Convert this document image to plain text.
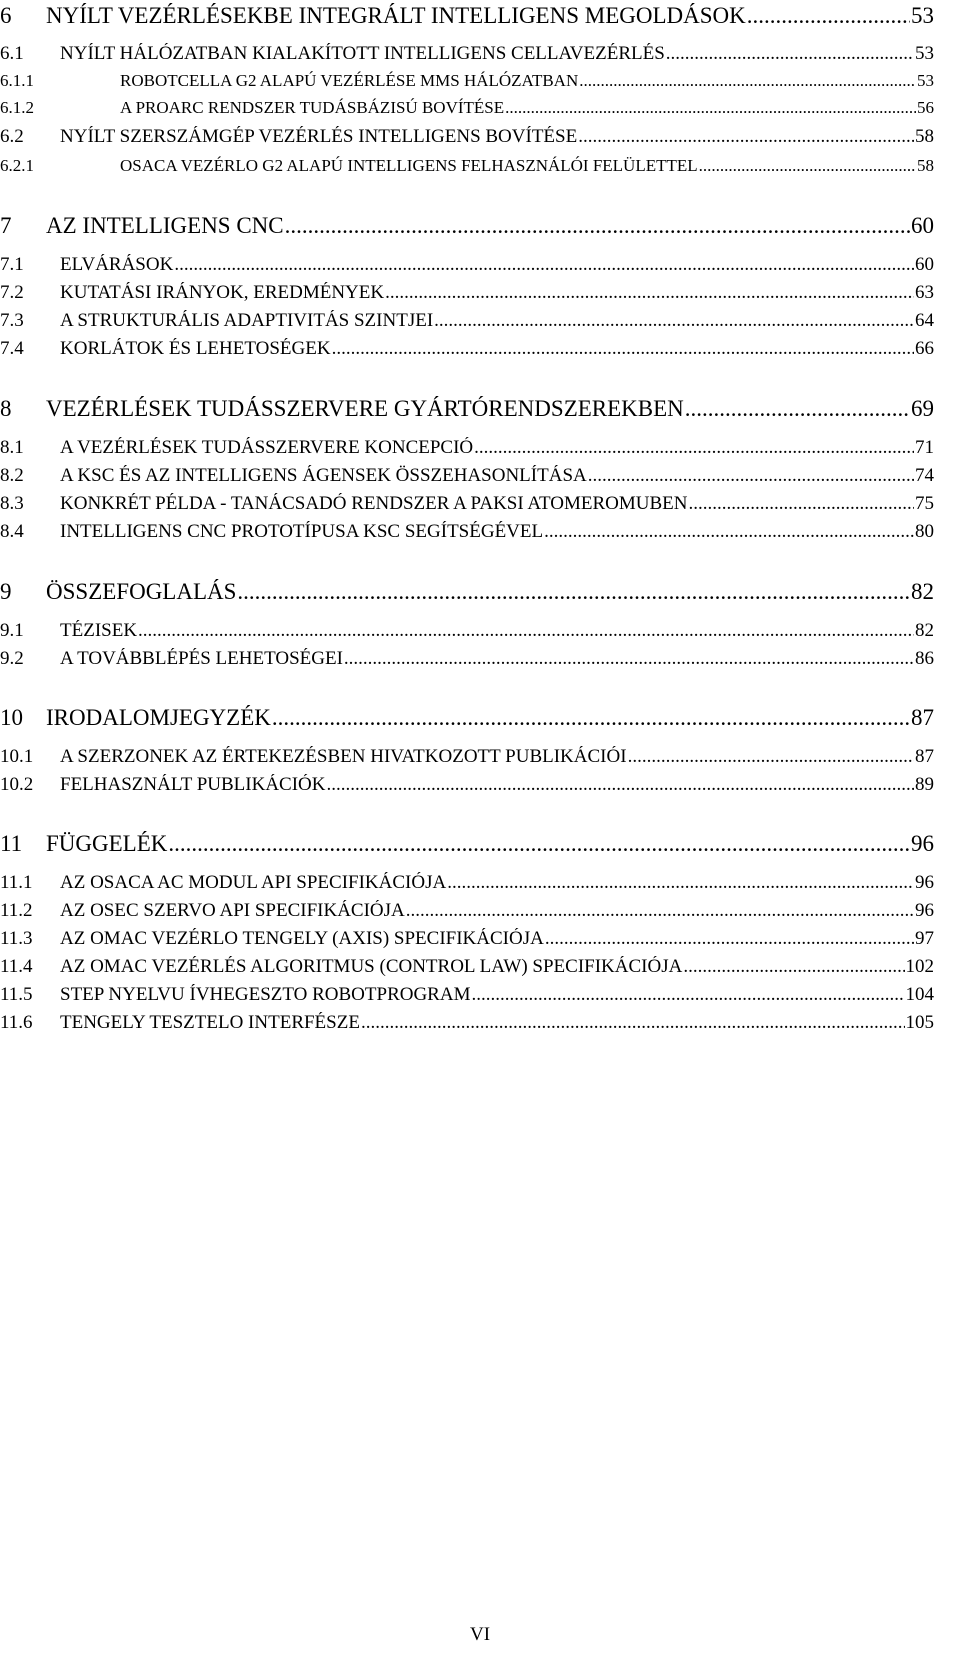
6 NYÍLT VEZÉRLÉSEKBE INTEGRÁLT INTELLIGENS MEGOLDÁSOK .....	53
6.1 NYÍLT HÁLÓZATBAN KIALAKÍTOTT INTELLIGENS CELLAVEZÉRLÉS .....	53
6.1.1	ROBOTCELLA G2 ALAPÚ VEZÉRLÉSE MMS HÁLÓZATBAN .....	53
6.1.2	A PROARC RENDSZER TUDÁSBÁZISÚ BOVÍTÉSE .....	56
6.2 NYÍLT SZERSZÁMGÉP VEZÉRLÉS INTELLIGENS BOVÍTÉSE .....	58
6.2.1	OSACA VEZÉRLO G2 ALAPÚ INTELLIGENS FELHASZNÁLÓI FELÜLETTEL .....	58
7 AZ INTELLIGENS CNC .....	60
7.1 ELVÁRÁSOK .....	60
7.2 KUTATÁSI IRÁNYOK, EREDMÉNYEK .....	63
7.3 A STRUKTURÁLIS ADAPTIVITÁS SZINTJEI .....	64
7.4 KORLÁTOK ÉS LEHETOSÉGEK .....	66
8 VEZÉRLÉSEK TUDÁSSZERVERE GYÁRTÓRENDSZEREKBEN .....	69
8.1 A VEZÉRLÉSEK TUDÁSSZERVERE KONCEPCIÓ .....	71
8.2 A KSC ÉS AZ INTELLIGENS ÁGENSEK ÖSSZEHASONLÍTÁSA .....	74
8.3 KONKRÉT PÉLDA - TANÁCSADÓ RENDSZER A PAKSI ATOMEROMUBEN .....	75
8.4 INTELLIGENS CNC PROTOTÍPUSA KSC SEGÍTSÉGÉVEL .....	80
9 ÖSSZEFOGLALÁS .....	82
9.1 TÉZISEK .....	82
9.2 A TOVÁBBLÉPÉS LEHETOSÉGEI .....	86
10 IRODALOMJEGYZÉK .....	87
10.1 A SZERZONEK AZ ÉRTEKEZÉSBEN HIVATKOZOTT PUBLIKÁCIÓI .....	87
10.2 FELHASZNÁLT PUBLIKÁCIÓK .....	89
11 FÜGGELÉK .....	96
11.1 AZ OSACA AC MODUL API SPECIFIKÁCIÓJA .....	96
11.2 AZ OSEC SZERVO API SPECIFIKÁCIÓJA .....	96
11.3 AZ OMAC VEZÉRLO TENGELY (AXIS) SPECIFIKÁCIÓJA .....	97
11.4 AZ OMAC VEZÉRLÉS ALGORITMUS (CONTROL LAW) SPECIFIKÁCIÓJA .....	102
11.5 STEP NYELVU ÍVHEGESZTO ROBOTPROGRAM .....	104
11.6 TENGELY TESZTELO INTERFÉSZE .....	105
VI
